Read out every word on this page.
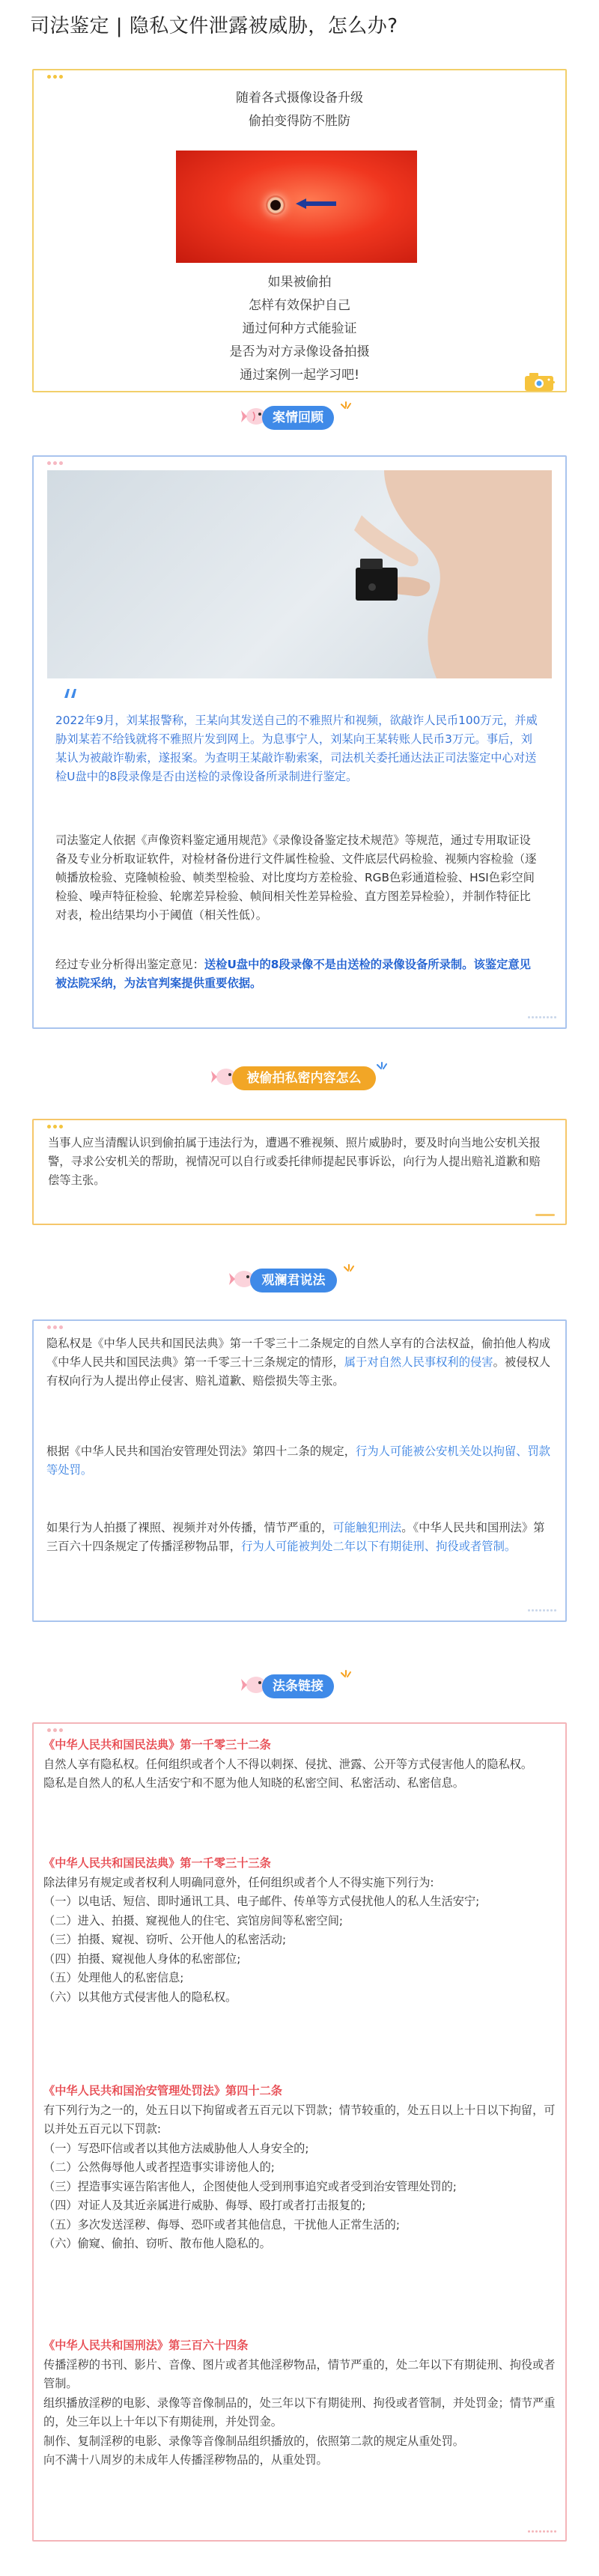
司法鉴定 | 隐私文件泄露被威胁，怎么办?
随着各式摄像设备升级
偷拍变得防不胜防
如果被偷拍
怎样有效保护自己
通过何种方式能验证
是否为对方录像设备拍摄
通过案例一起学习吧!
案情回顾
2022年9月，刘某报警称，王某向其发送自己的不雅照片和视频，欲敲诈人民币100万元，并威胁刘某若不给钱就将不雅照片发到网上。为息事宁人，刘某向王某转账人民币3万元。事后，刘某认为被敲诈勒索，遂报案。为查明王某敲诈勒索案，司法机关委托通达法正司法鉴定中心对送检U盘中的8段录像是否由送检的录像设备所录制进行鉴定。
司法鉴定人依据《声像资料鉴定通用规范》《录像设备鉴定技术规范》等规范，通过专用取证设备及专业分析取证软件，对检材备份进行文件属性检验、文件底层代码检验、视频内容检验（逐帧播放检验、克隆帧检验、帧类型检验、对比度均方差检验、RGB色彩通道检验、HSI色彩空间检验、噪声特征检验、轮廓差异检验、帧间相关性差异检验、直方图差异检验），并制作特征比对表，检出结果均小于阈值（相关性低）。
经过专业分析得出鉴定意见：送检U盘中的8段录像不是由送检的录像设备所录制。该鉴定意见被法院采纳，为法官判案提供重要依据。
被偷拍私密内容怎么办
当事人应当清醒认识到偷拍属于违法行为，遭遇不雅视频、照片威胁时，要及时向当地公安机关报警，寻求公安机关的帮助，视情况可以自行或委托律师提起民事诉讼，向行为人提出赔礼道歉和赔偿等主张。
观澜君说法
隐私权是《中华人民共和国民法典》第一千零三十二条规定的自然人享有的合法权益，偷拍他人构成《中华人民共和国民法典》第一千零三十三条规定的情形，属于对自然人民事权利的侵害。被侵权人有权向行为人提出停止侵害、赔礼道歉、赔偿损失等主张。
根据《中华人民共和国治安管理处罚法》第四十二条的规定，行为人可能被公安机关处以拘留、罚款等处罚。
如果行为人拍摄了裸照、视频并对外传播，情节严重的，可能触犯刑法。《中华人民共和国刑法》第三百六十四条规定了传播淫秽物品罪，行为人可能被判处二年以下有期徒刑、拘役或者管制。
法条链接
《中华人民共和国民法典》第一千零三十二条
自然人享有隐私权。任何组织或者个人不得以刺探、侵扰、泄露、公开等方式侵害他人的隐私权。
隐私是自然人的私人生活安宁和不愿为他人知晓的私密空间、私密活动、私密信息。
《中华人民共和国民法典》第一千零三十三条
除法律另有规定或者权利人明确同意外，任何组织或者个人不得实施下列行为:
（一）以电话、短信、即时通讯工具、电子邮件、传单等方式侵扰他人的私人生活安宁;
（二）进入、拍摄、窥视他人的住宅、宾馆房间等私密空间;
（三）拍摄、窥视、窃听、公开他人的私密活动;
（四）拍摄、窥视他人身体的私密部位;
（五）处理他人的私密信息;
（六）以其他方式侵害他人的隐私权。
《中华人民共和国治安管理处罚法》第四十二条
有下列行为之一的，处五日以下拘留或者五百元以下罚款；情节较重的，处五日以上十日以下拘留，可以并处五百元以下罚款:
（一）写恐吓信或者以其他方法威胁他人人身安全的;
（二）公然侮辱他人或者捏造事实诽谤他人的;
（三）捏造事实诬告陷害他人，企图使他人受到刑事追究或者受到治安管理处罚的;
（四）对证人及其近亲属进行威胁、侮辱、殴打或者打击报复的;
（五）多次发送淫秽、侮辱、恐吓或者其他信息，干扰他人正常生活的;
（六）偷窥、偷拍、窃听、散布他人隐私的。
《中华人民共和国刑法》第三百六十四条
传播淫秽的书刊、影片、音像、图片或者其他淫秽物品，情节严重的，处二年以下有期徒刑、拘役或者管制。
组织播放淫秽的电影、录像等音像制品的，处三年以下有期徒刑、拘役或者管制，并处罚金；情节严重的，处三年以上十年以下有期徒刑，并处罚金。
制作、复制淫秽的电影、录像等音像制品组织播放的，依照第二款的规定从重处罚。
向不满十八周岁的未成年人传播淫秽物品的，从重处罚。
